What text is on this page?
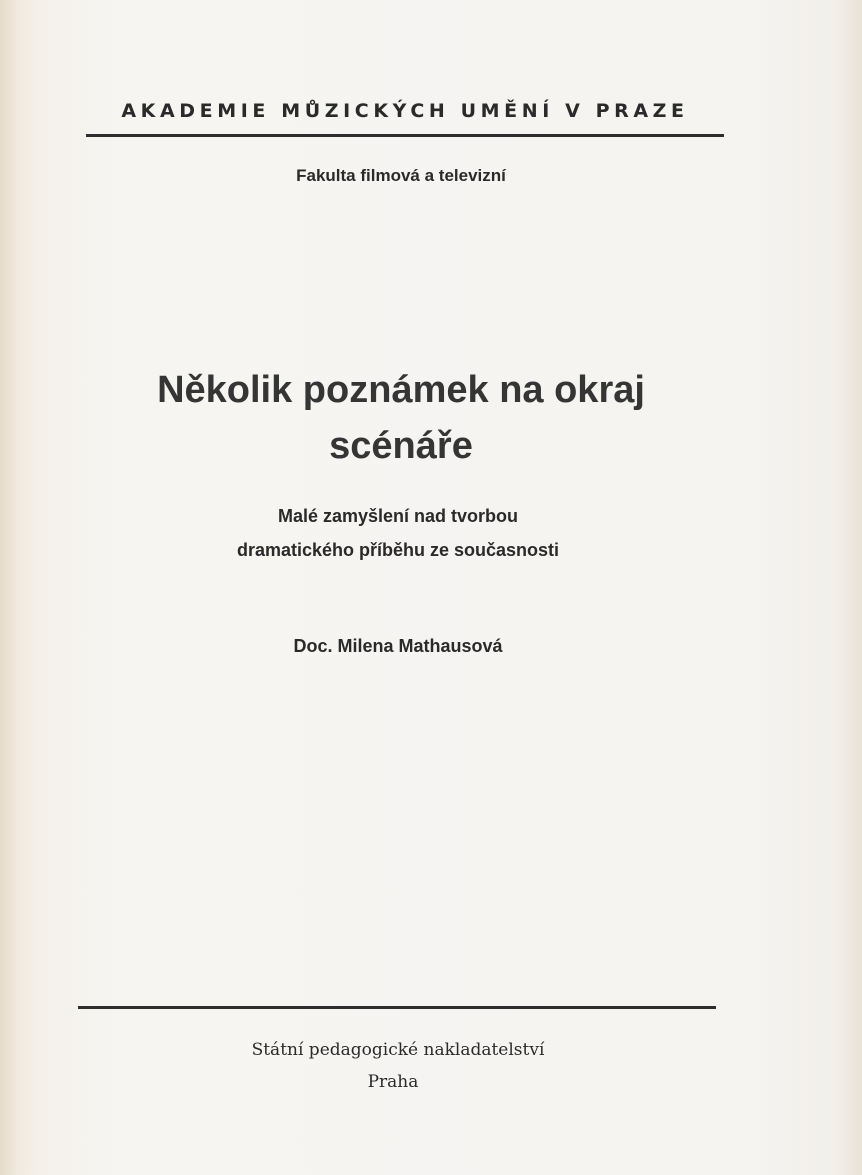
AKADEMIE MŮZICKÝCH UMĚNÍ V PRAZE
Fakulta filmová a televizní
Několik poznámek na okraj
scénáře
Malé zamyšlení nad tvorbou
dramatického příběhu ze současnosti
Doc. Milena Mathausová
Státní pedagogické nakladatelství
Praha
